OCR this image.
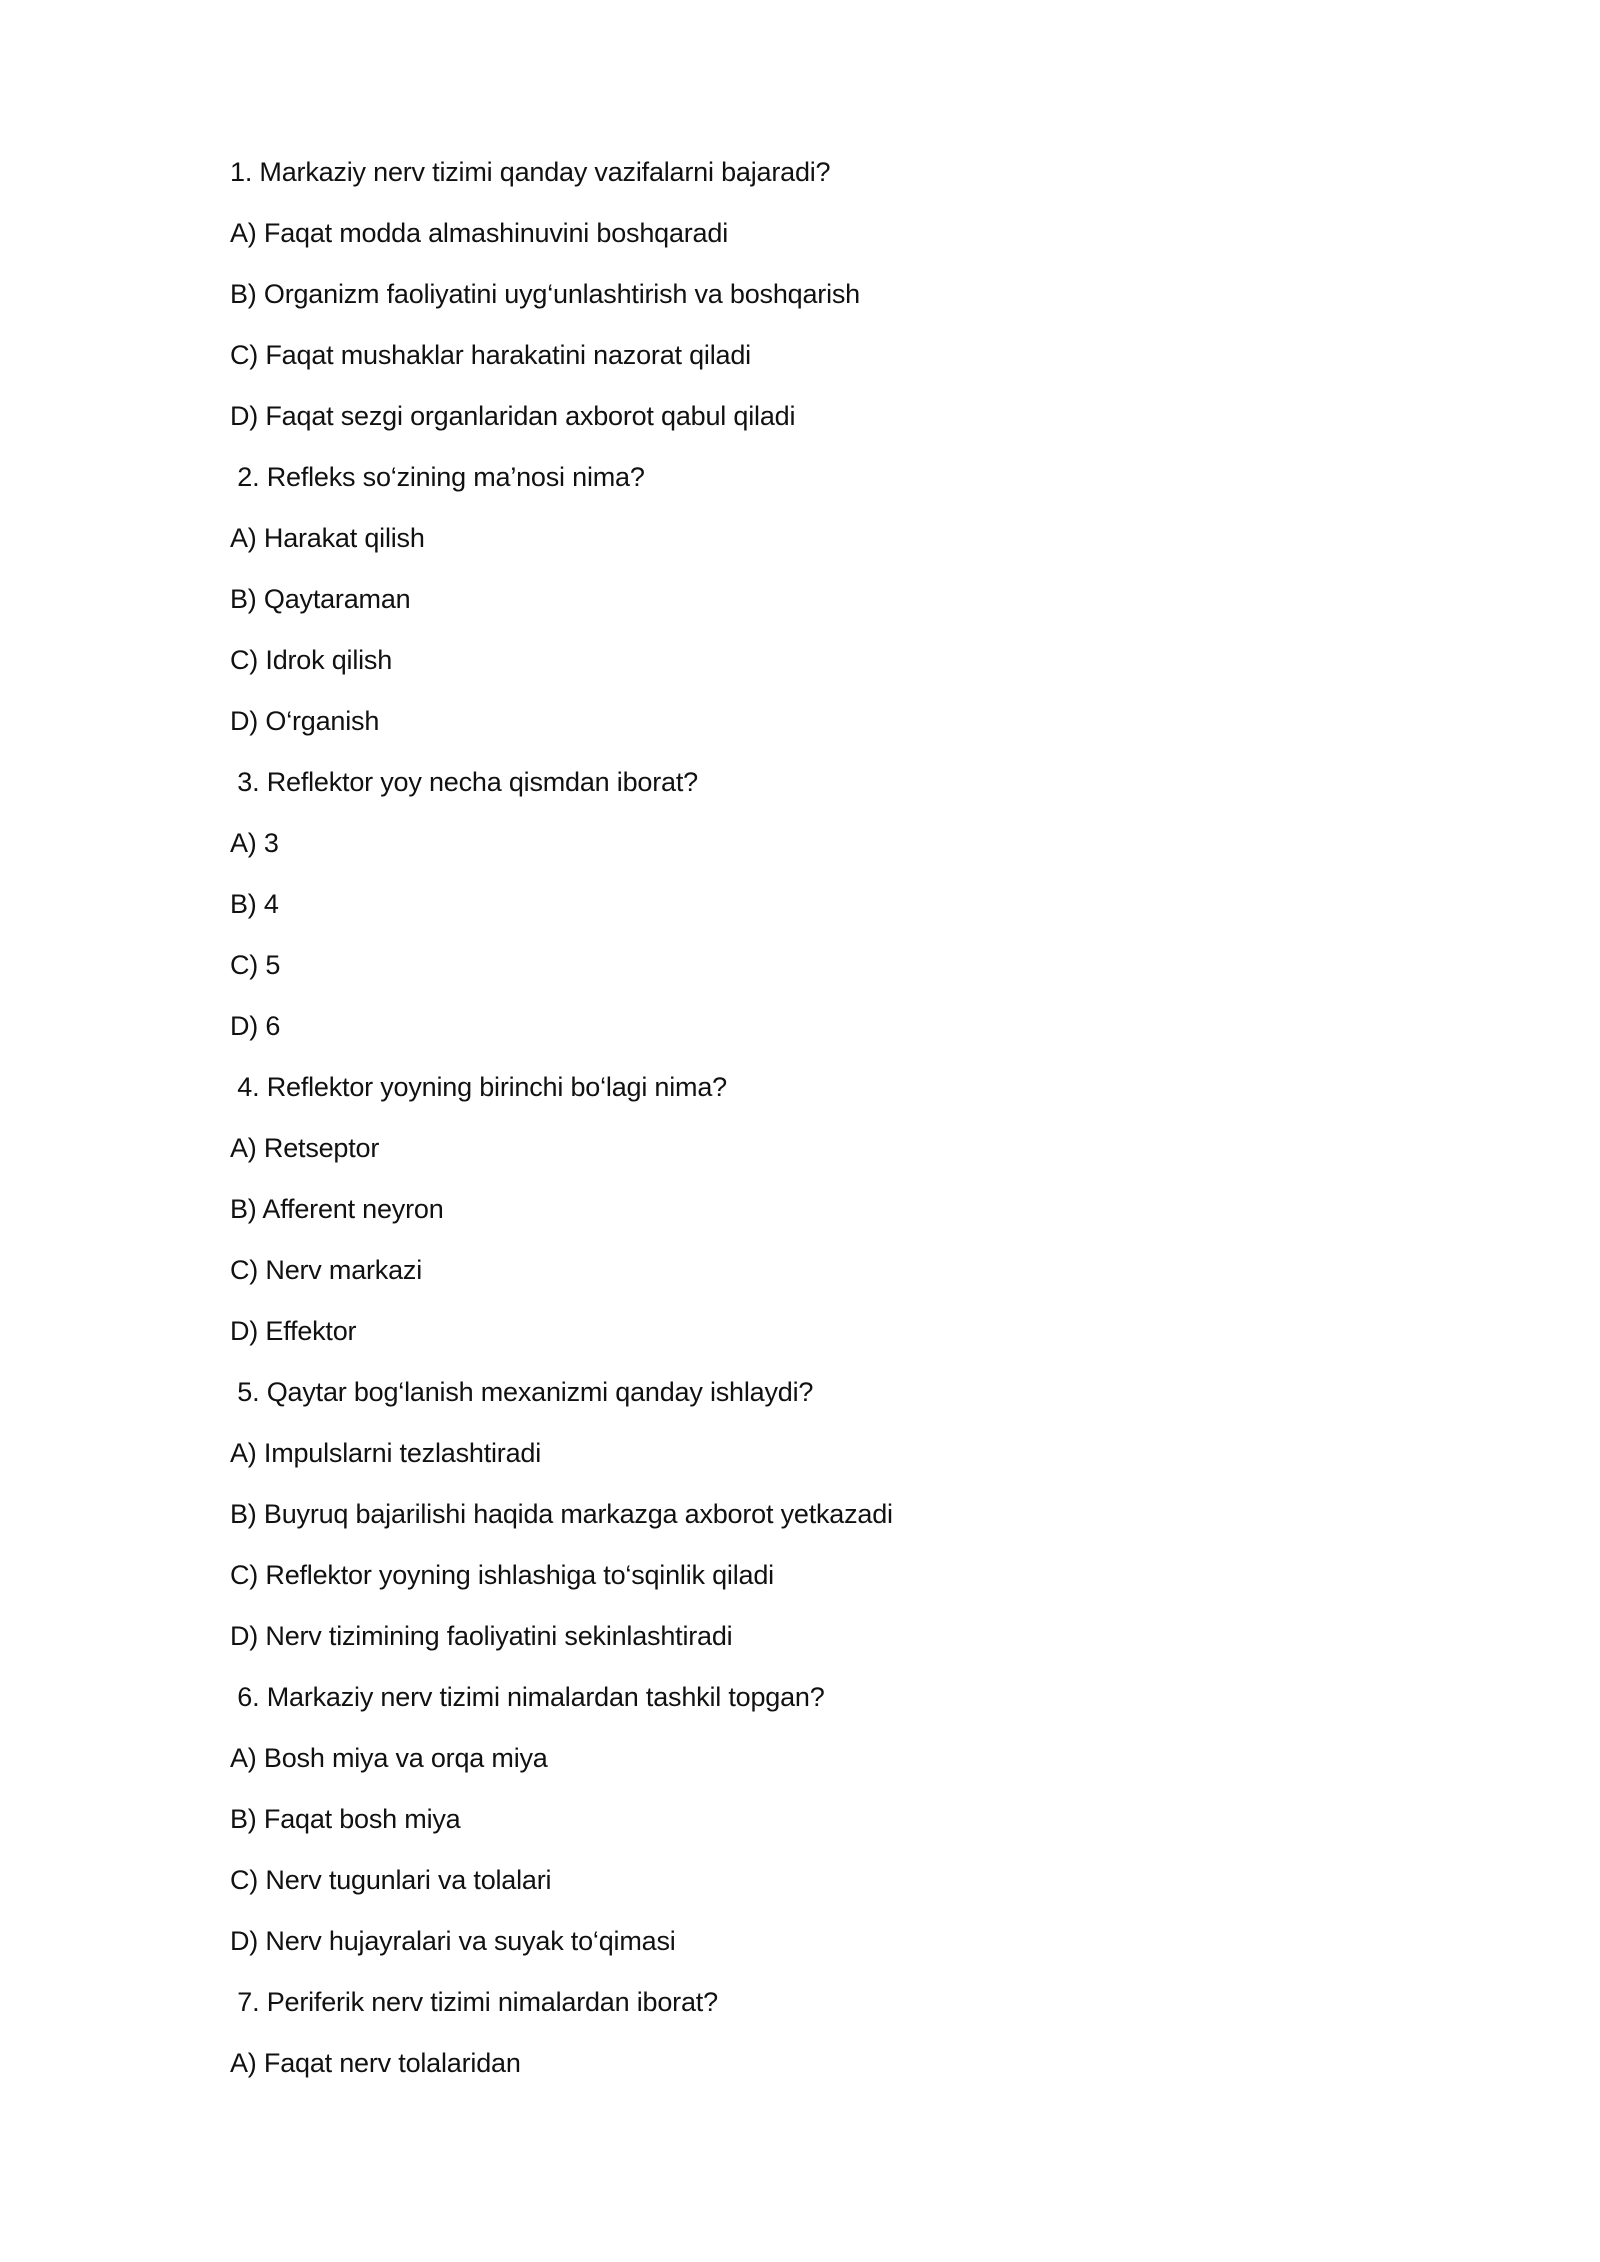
1. Markaziy nerv tizimi qanday vazifalarni bajaradi?
A) Faqat modda almashinuvini boshqaradi
B) Organizm faoliyatini uyg‘unlashtirish va boshqarish
C) Faqat mushaklar harakatini nazorat qiladi
D) Faqat sezgi organlaridan axborot qabul qiladi
2. Refleks so‘zining ma’nosi nima?
A) Harakat qilish
B) Qaytaraman
C) Idrok qilish
D) O‘rganish
3. Reflektor yoy necha qismdan iborat?
A) 3
B) 4
C) 5
D) 6
4. Reflektor yoyning birinchi bo‘lagi nima?
A) Retseptor
B) Afferent neyron
C) Nerv markazi
D) Effektor
5. Qaytar bog‘lanish mexanizmi qanday ishlaydi?
A) Impulslarni tezlashtiradi
B) Buyruq bajarilishi haqida markazga axborot yetkazadi
C) Reflektor yoyning ishlashiga to‘sqinlik qiladi
D) Nerv tizimining faoliyatini sekinlashtiradi
6. Markaziy nerv tizimi nimalardan tashkil topgan?
A) Bosh miya va orqa miya
B) Faqat bosh miya
C) Nerv tugunlari va tolalari
D) Nerv hujayralari va suyak to‘qimasi
7. Periferik nerv tizimi nimalardan iborat?
A) Faqat nerv tolalaridan
